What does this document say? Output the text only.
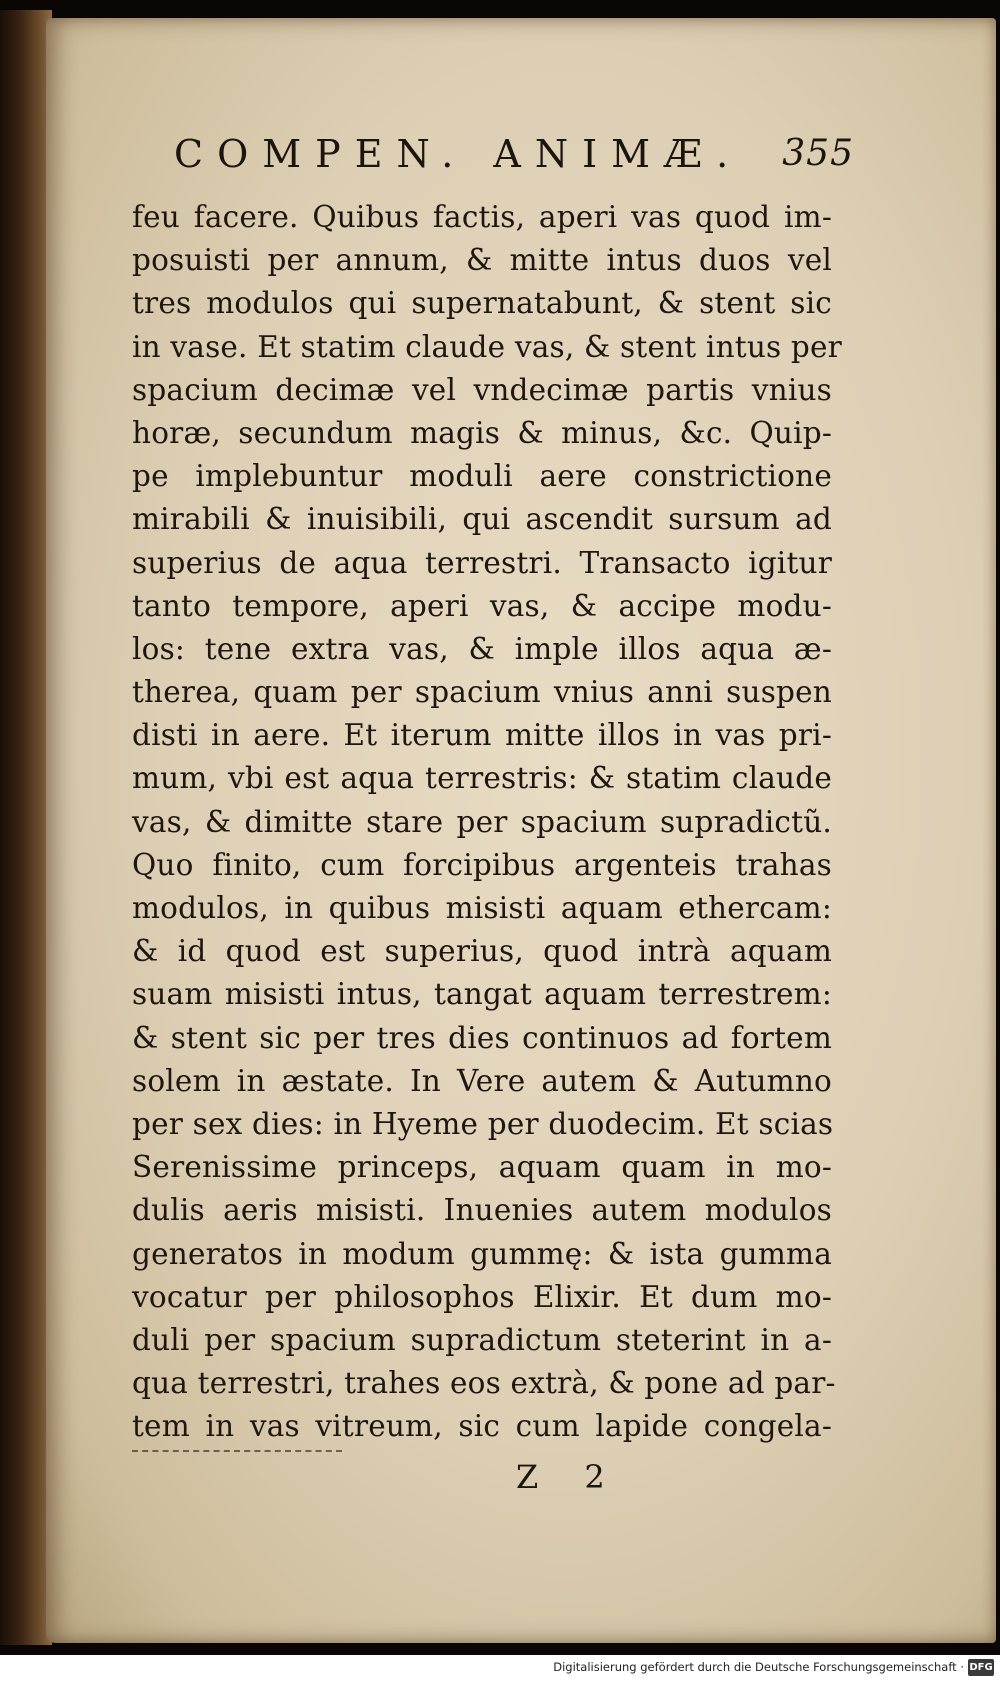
COMPEN. ANIMÆ. 355
feu facere. Quibus factis, aperi vas quod im-
posuisti per annum, & mitte intus duos vel
tres modulos qui supernatabunt, & stent sic
in vase. Et statim claude vas, & stent intus per
spacium decimæ vel vndecimæ partis vnius
horæ, secundum magis & minus, &c. Quip-
pe implebuntur moduli aere constrictione
mirabili & inuisibili, qui ascendit sursum ad
superius de aqua terrestri. Transacto igitur
tanto tempore, aperi vas, & accipe modu-
los: tene extra vas, & imple illos aqua æ-
therea, quam per spacium vnius anni suspen
disti in aere. Et iterum mitte illos in vas pri-
mum, vbi est aqua terrestris: & statim claude
vas, & dimitte stare per spacium supradictũ.
Quo finito, cum forcipibus argenteis trahas
modulos, in quibus misisti aquam ethercam:
& id quod est superius, quod intrà aquam
suam misisti intus, tangat aquam terrestrem:
& stent sic per tres dies continuos ad fortem
solem in æstate. In Vere autem & Autumno
per sex dies: in Hyeme per duodecim. Et scias
Serenissime princeps, aquam quam in mo-
dulis aeris misisti. Inuenies autem modulos
generatos in modum gummę: & ista gumma
vocatur per philosophos Elixir. Et dum mo-
duli per spacium supradictum steterint in a-
qua terrestri, trahes eos extrà, & pone ad par-
tem in vas vitreum, sic cum lapide congela-
Z 2
Digitalisierung gefördert durch die Deutsche Forschungsgemeinschaft · DFG
